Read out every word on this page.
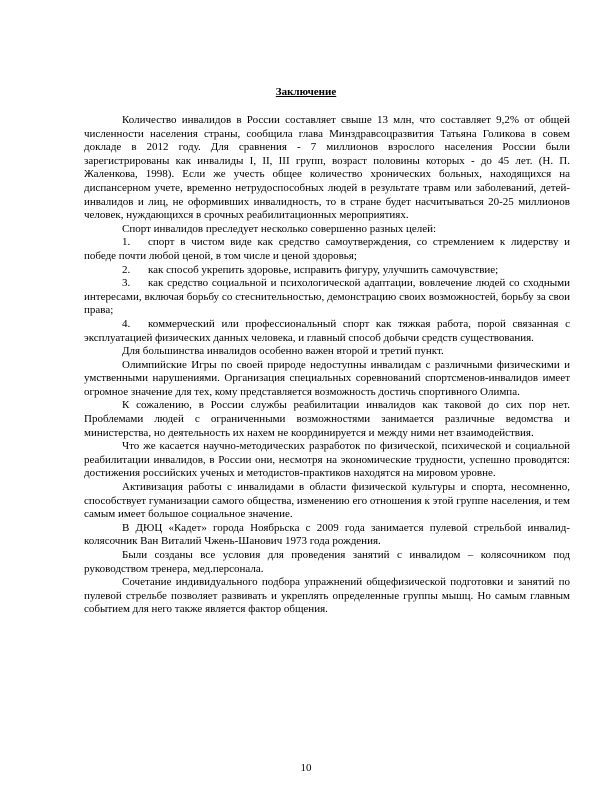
Заключение

Количество инвалидов в России составляет свыше 13 млн, что составляет 9,2% от общей численности населения страны, сообщила глава Минздравсоцразвития Татьяна Голикова в совем докладе в 2012 году. Для сравнения - 7 миллионов взрослого населения России были зарегистрированы как инвалиды I, II, III групп, возраст половины которых - до 45 лет. (Н. П. Жаленкова, 1998). Если же учесть общее количество хронических больных, находящихся на диспансерном учете, временно нетрудоспособных людей в результате травм или заболеваний, детей-инвалидов и лиц, не оформивших инвалидность, то в стране будет насчитываться 20-25 миллионов человек, нуждающихся в срочных реабилитационных мероприятиях.

Спорт инвалидов преследует несколько совершенно разных целей:

1. спорт в чистом виде как средство самоутверждения, со стремлением к лидерству и победе почти любой ценой, в том числе и ценой здоровья;

2. как способ укрепить здоровье, исправить фигуру, улучшить самочувствие;

3. как средство социальной и психологической адаптации, вовлечение людей со сходными интересами, включая борьбу со стеснительностью, демонстрацию своих возможностей, борьбу за свои права;

4. коммерческий или профессиональный спорт как тяжкая работа, порой связанная с эксплуатацией физических данных человека, и главный способ добычи средств существования.

Для большинства инвалидов особенно важен второй и третий пункт.

Олимпийские Игры по своей природе недоступны инвалидам с различными физическими и умственными нарушениями. Организация специальных соревнований спортсменов-инвалидов имеет огромное значение для тех, кому представляется возможность достичь спортивного Олимпа.

К сожалению, в России службы реабилитации инвалидов как таковой до сих пор нет. Проблемами людей с ограниченными возможностями занимается различные ведомства и министерства, но деятельность их нахем не координируется и между ними нет взаимодействия.

Что же касается научно-методических разработок по физической, психической и социальной реабилитации инвалидов, в России они, несмотря на экономические трудности, успешно проводятся: достижения российских ученых и методистов-практиков находятся на мировом уровне.

Активизация работы с инвалидами в области физической культуры и спорта, несомненно, способствует гуманизации самого общества, изменению его отношения к этой группе населения, и тем самым имеет большое социальное значение.

В ДЮЦ «Кадет» города Ноябрьска с 2009 года занимается пулевой стрельбой инвалид-колясочник Ван Виталий Чжень-Шанович 1973 года рождения.

Были созданы все условия для проведения занятий с инвалидом – колясочником под руководством тренера, мед.персонала.

Сочетание индивидуального подбора упражнений общефизической подготовки и занятий по пулевой стрельбе позволяет развивать и укреплять определенные группы мышц. Но самым главным событием для него также является фактор общения.

10
